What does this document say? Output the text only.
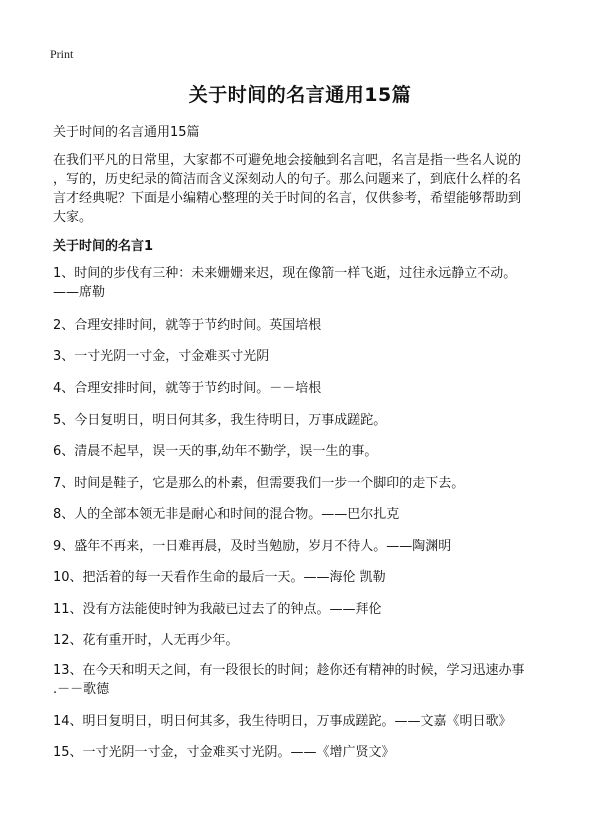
Print
关于时间的名言通用15篇
关于时间的名言通用15篇
在我们平凡的日常里，大家都不可避免地会接触到名言吧，名言是指一些名人说的
，写的，历史纪录的简洁而含义深刻动人的句子。那么问题来了，到底什么样的名
言才经典呢？下面是小编精心整理的关于时间的名言，仅供参考，希望能够帮助到
大家。
关于时间的名言1
1、时间的步伐有三种：未来姗姗来迟，现在像箭一样飞逝，过往永远静立不动。
——席勒
2、合理安排时间，就等于节约时间。英国培根
3、一寸光阴一寸金，寸金难买寸光阴
4、合理安排时间，就等于节约时间。－－培根
5、今日复明日，明日何其多，我生待明日，万事成蹉跎。
6、清晨不起早，误一天的事,幼年不勤学，误一生的事。
7、时间是鞋子，它是那么的朴素，但需要我们一步一个脚印的走下去。
8、人的全部本领无非是耐心和时间的混合物。——巴尔扎克
9、盛年不再来，一日难再晨，及时当勉励，岁月不待人。——陶渊明
10、把活着的每一天看作生命的最后一天。——海伦 凯勒
11、没有方法能使时钟为我敲已过去了的钟点。——拜伦
12、花有重开时，人无再少年。
13、在今天和明天之间，有一段很长的时间；趁你还有精神的时候，学习迅速办事
.－－歌德
14、明日复明日，明日何其多，我生待明日，万事成蹉跎。——文嘉《明日歌》
15、一寸光阴一寸金，寸金难买寸光阴。——《增广贤文》
